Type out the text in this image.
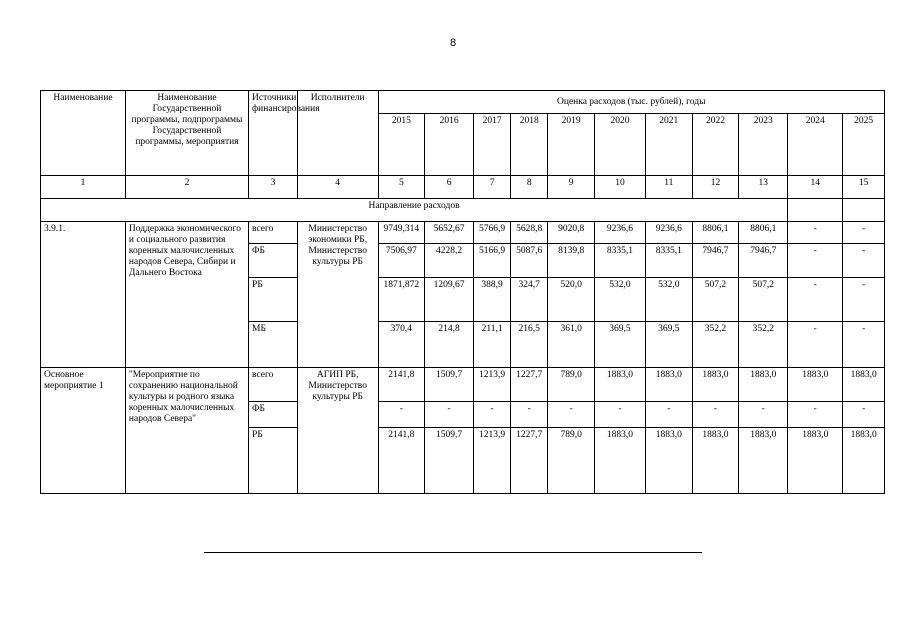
8
Наименование	Наименование Государственной программы, подпрограммы Государственной программы, мероприятия	Источники финансирования	Исполнители	Оценка расходов (тыс. рублей), годы										
				2015	2016	2017	2018	2019	2020	2021	2022	2023	2024	2025
1	2	3	4	5	6	7	8	9	10	11	12	13	14	15
Направление расходов														
3.9.1.	Поддержка экономического и социального развития коренных малочисленных народов Севера, Сибири и Дальнего Востока	всего	Министерство экономики РБ, Министерство культуры РБ	9749,314	5652,67	5766,9	5628,8	9020,8	9236,6	9236,6	8806,1	8806,1	-	-
		ФБ		7506,97	4228,2	5166,9	5087,6	8139,8	8335,1	8335,1	7946,7	7946,7	-	-
		РБ		1871,872	1209,67	388,9	324,7	520,0	532,0	532,0	507,2	507,2	-	-
		МБ		370,4	214,8	211,1	216,5	361,0	369,5	369,5	352,2	352,2	-	-
Основное мероприятие 1	"Мероприятие по сохранению национальной культуры и родного языка коренных малочисленных народов Севера"	всего	АГИП РБ, Министерство культуры РБ	2141,8	1509,7	1213,9	1227,7	789,0	1883,0	1883,0	1883,0	1883,0	1883,0	1883,0
		ФБ		-	-	-	-	-	-	-	-	-	-	-
		РБ		2141,8	1509,7	1213,9	1227,7	789,0	1883,0	1883,0	1883,0	1883,0	1883,0	1883,0
